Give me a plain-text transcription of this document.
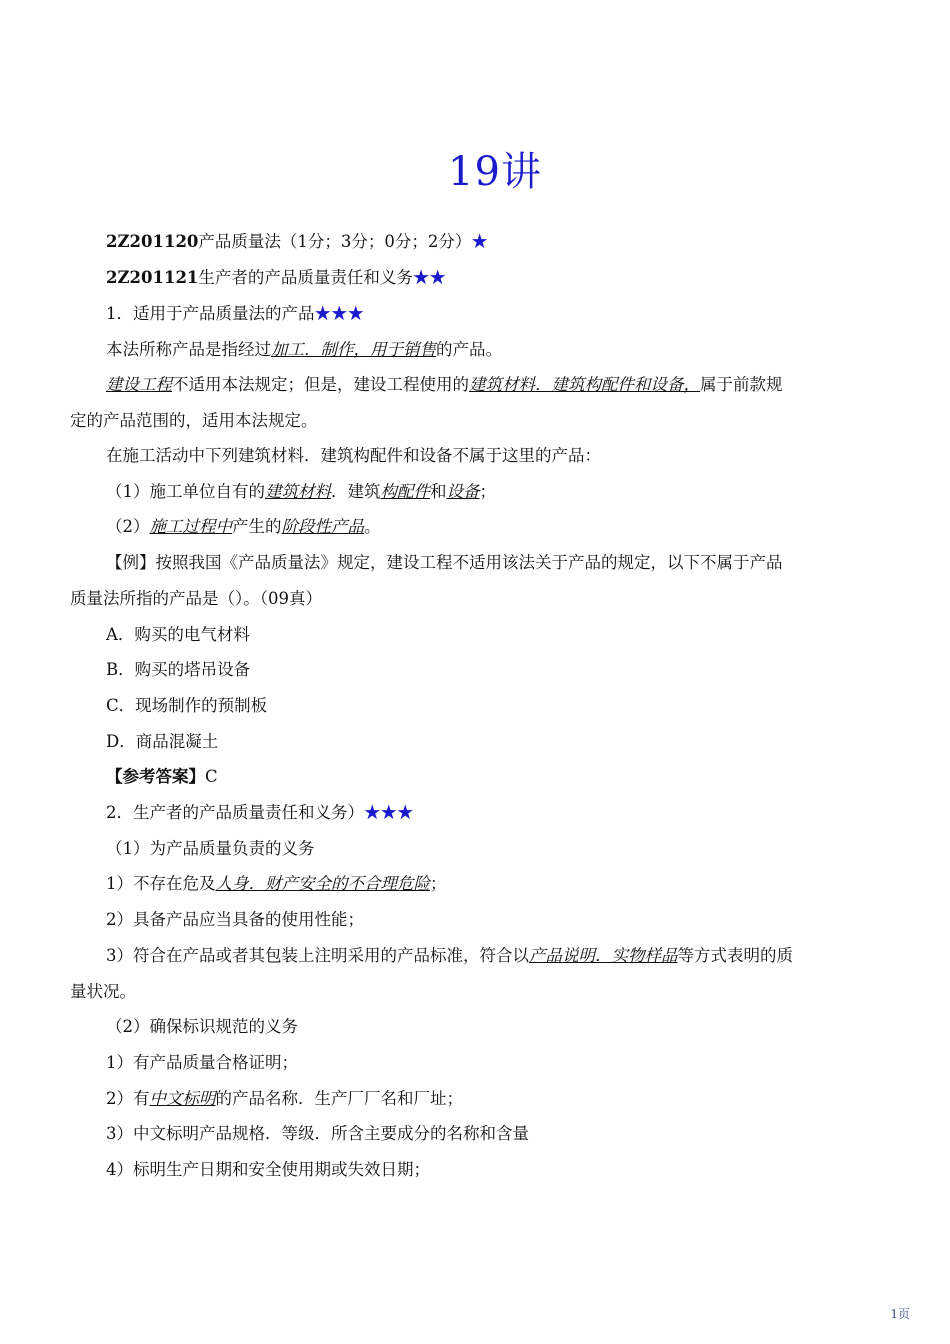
19讲
2Z201120产品质量法（1分；3分；0分；2分）★
2Z201121生产者的产品质量责任和义务★★
1．适用于产品质量法的产品★★★
本法所称产品是指经过加工．制作，用于销售的产品。
建设工程不适用本法规定；但是，建设工程使用的建筑材料．建筑构配件和设备，属于前款规
定的产品范围的，适用本法规定。
在施工活动中下列建筑材料．建筑构配件和设备不属于这里的产品：
（1）施工单位自有的建筑材料．建筑构配件和设备；
（2）施工过程中产生的阶段性产品。
【例】按照我国《产品质量法》规定，建设工程不适用该法关于产品的规定，以下不属于产品
质量法所指的产品是（）。（09真）
A．购买的电气材料
B．购买的塔吊设备
C．现场制作的预制板
D．商品混凝土
【参考答案】C
2．生产者的产品质量责任和义务）★★★
（1）为产品质量负责的义务
1）不存在危及人身．财产安全的不合理危险；
2）具备产品应当具备的使用性能；
3）符合在产品或者其包装上注明采用的产品标准，符合以产品说明．实物样品等方式表明的质
量状况。
（2）确保标识规范的义务
1）有产品质量合格证明；
2）有中文标明的产品名称．生产厂厂名和厂址；
3）中文标明产品规格．等级．所含主要成分的名称和含量
4）标明生产日期和安全使用期或失效日期；
1页
